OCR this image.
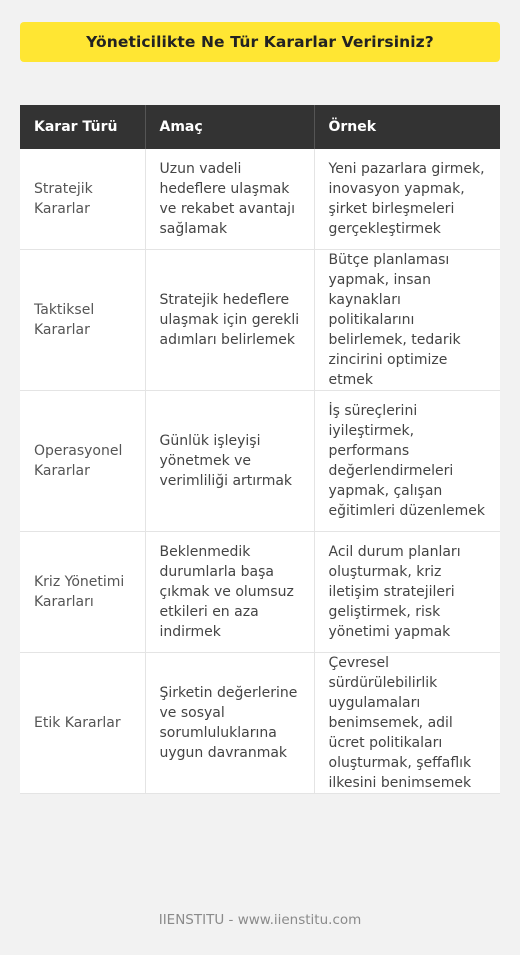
Yöneticilikte Ne Tür Kararlar Verirsiniz?
Karar Türü	Amaç	Örnek
Stratejik Kararlar	Uzun vadeli hedeflere ulaşmak ve rekabet avantajı sağlamak	Yeni pazarlara girmek, inovasyon yapmak, şirket birleşmeleri gerçekleştirmek
Taktiksel Kararlar	Stratejik hedeflere ulaşmak için gerekli adımları belirlemek	Bütçe planlaması yapmak, insan kaynakları politikalarını belirlemek, tedarik zincirini optimize etmek
Operasyonel Kararlar	Günlük işleyişi yönetmek ve verimliliği artırmak	İş süreçlerini iyileştirmek, performans değerlendirmeleri yapmak, çalışan eğitimleri düzenlemek
Kriz Yönetimi Kararları	Beklenmedik durumlarla başa çıkmak ve olumsuz etkileri en aza indirmek	Acil durum planları oluşturmak, kriz iletişim stratejileri geliştirmek, risk yönetimi yapmak
Etik Kararlar	Şirketin değerlerine ve sosyal sorumluluklarına uygun davranmak	Çevresel sürdürülebilirlik uygulamaları benimsemek, adil ücret politikaları oluşturmak, şeffaflık ilkesini benimsemek
IIENSTITU - www.iienstitu.com
